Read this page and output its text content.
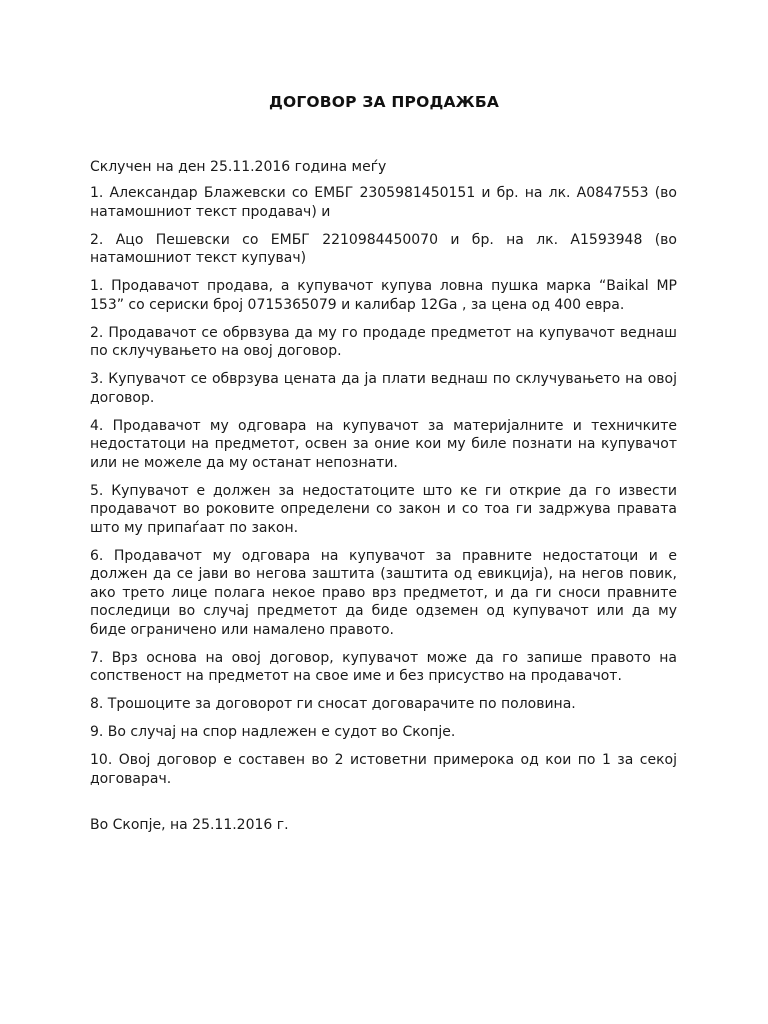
ДОГОВОР ЗА ПРОДАЖБА
Склучен на ден 25.11.2016 година меѓу

1. Александар Блажевски со ЕМБГ 2305981450151 и бр. на лк. А0847553 (во натамошниот текст продавач) и

2. Ацо Пешевски со ЕМБГ 2210984450070 и бр. на лк. А1593948 (во натамошниот текст купувач)

1. Продавачот продава, а купувачот купува ловна пушка марка “Baikal MP 153” со сериски број 0715365079 и калибар 12Ga , за цена од 400 евра.

2. Продавачот се обрвзува да му го продаде предметот на купувачот веднаш по склучувањето на овој договор.

3. Купувачот се обврзува цената да ја плати веднаш по склучувањето на овој договор.

4. Продавачот му одговара на купувачот за материјалните и техничките недостатоци на предметот, освен за оние кои му биле познати на купувачот или не можеле да му останат непознати.

5. Купувачот е должен за недостатоците што ке ги открие да го извести продавачот во роковите определени со закон и со тоа ги задржува правата што му припаѓаат по закон.

6. Продавачот му одговара на купувачот за правните недостатоци и е должен да се јави во негова заштита (заштита од евикција), на негов повик, ако трето лице полага некое право врз предметот, и да ги сноси правните последици во случај предметот да биде одземен од купувачот или да му биде ограничено или намалено правото.

7. Врз основа на овој договор, купувачот може да го запише правото на сопственост на предметот на свое име и без присуство на продавачот.

8. Трошоците за договорот ги сносат договарачите по половина.

9. Во случај на спор надлежен е судот во Скопје.

10. Овој договор е составен во 2 истоветни примерока од кои по 1 за секој договарач.

Во Скопје, на 25.11.2016 г.
